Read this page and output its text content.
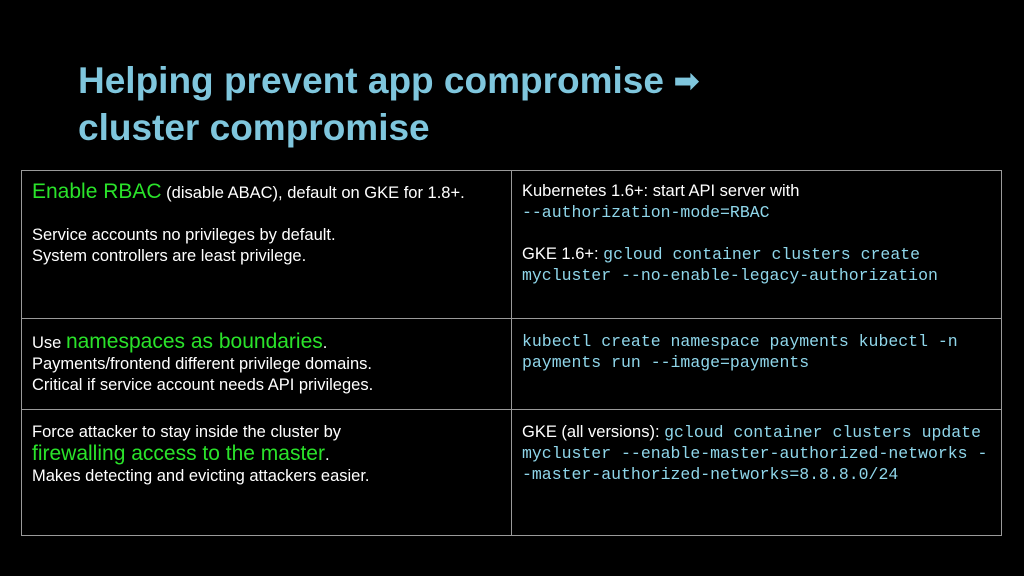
Helping prevent app compromise ➡
cluster compromise
Enable RBAC (disable ABAC), default on GKE for 1.8+.
Service accounts no privileges by default.
System controllers are least privilege.	Kubernetes 1.6+: start API server with
--authorization-mode=RBAC
GKE 1.6+: gcloud container clusters create mycluster --no-enable-legacy-authorization

Use namespaces as boundaries.
Payments/frontend different privilege domains.
Critical if service account needs API privileges.	kubectl create namespace payments kubectl -n payments run --image=payments

Force attacker to stay inside the cluster by
firewalling access to the master.
Makes detecting and evicting attackers easier.	GKE (all versions): gcloud container clusters update mycluster --enable-master-authorized-networks --master-authorized-networks=8.8.8.0/24
